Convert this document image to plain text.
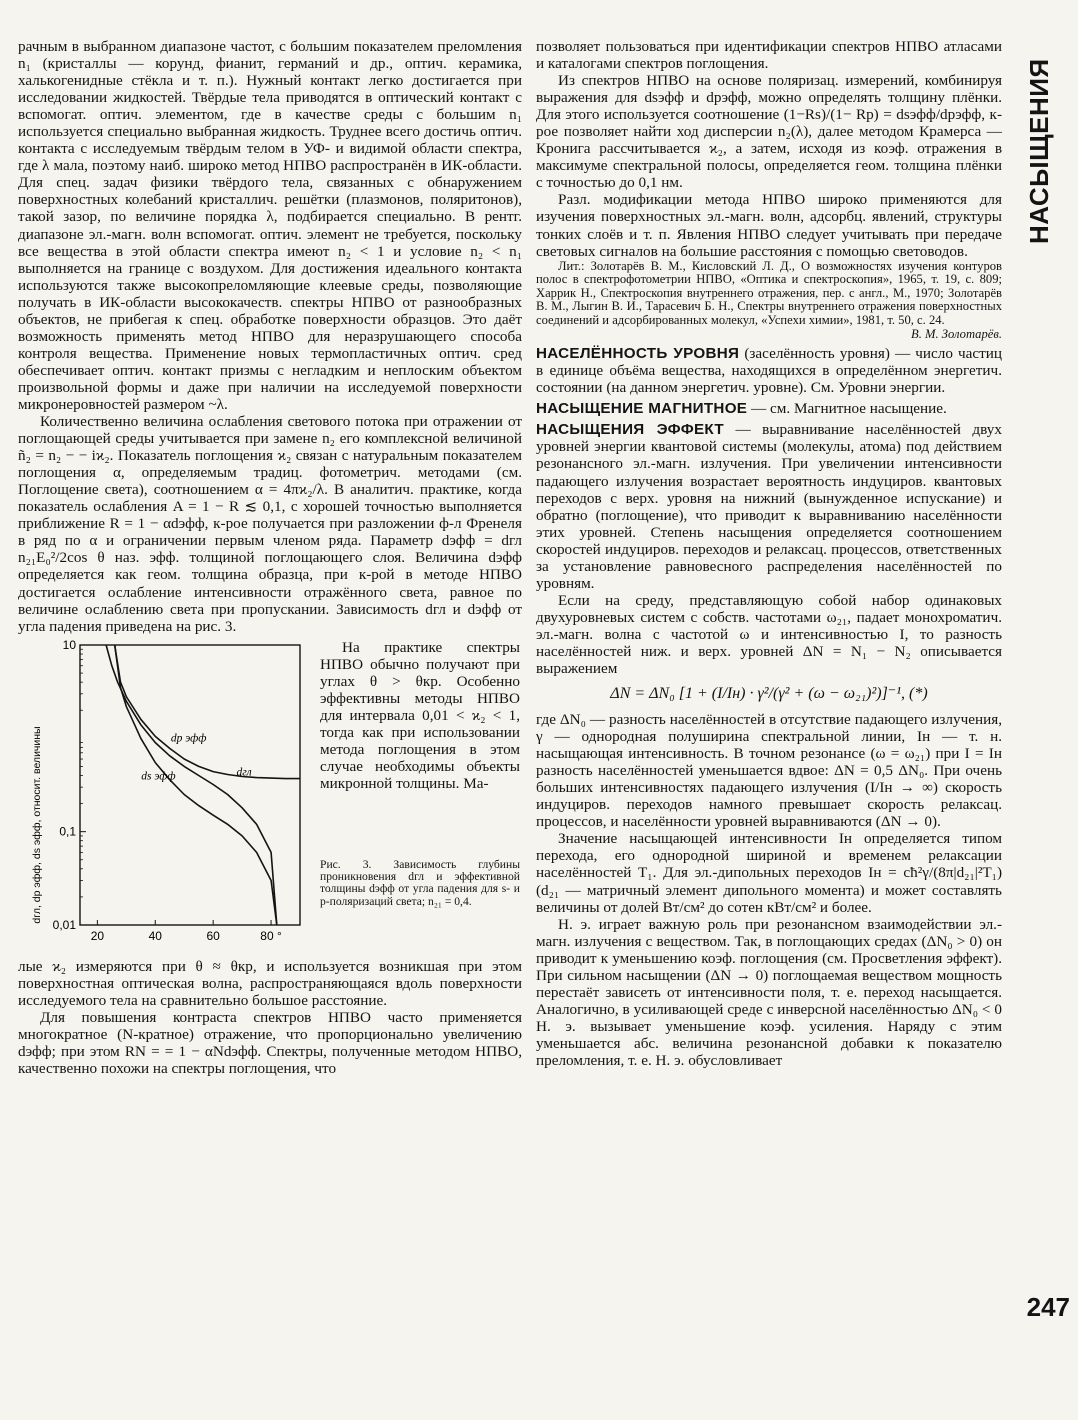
НАСЫЩЕНИЯ
247

рачным в выбранном диапазоне частот, с большим показателем преломления n₁ (кристаллы — корунд, фианит, германий и др., оптич. керамика, халькогенидные стёкла и т. п.). Нужный контакт легко достигается при исследовании жидкостей. Твёрдые тела приводятся в оптический контакт с вспомогат. оптич. элементом, где в качестве среды с большим n₁ используется специально выбранная жидкость. Труднее всего достичь оптич. контакта с исследуемым твёрдым телом в УФ- и видимой области спектра, где λ мала, поэтому наиб. широко метод НПВО распространён в ИК-области. Для спец. задач физики твёрдого тела, связанных с обнаружением поверхностных колебаний кристаллич. решётки (плазмонов, поляритонов), такой зазор, по величине порядка λ, подбирается специально. В рентг. диапазоне эл.-магн. волн вспомогат. оптич. элемент не требуется, поскольку все вещества в этой области спектра имеют n₂ < 1 и условие n₂ < n₁ выполняется на границе с воздухом. Для достижения идеального контакта используются также высокопреломляющие клеевые среды, позволяющие получать в ИК-области высококачеств. спектры НПВО от разнообразных объектов, не прибегая к спец. обработке поверхности образцов. Это даёт возможность применять метод НПВО для неразрушающего способа контроля вещества. Применение новых термопластичных оптич. сред обеспечивает оптич. контакт призмы с негладким и неплоским объектом произвольной формы и даже при наличии на исследуемой поверхности микронеровностей размером ~λ.

Количественно величина ослабления светового потока при отражении от поглощающей среды учитывается при замене n₂ его комплексной величиной ñ₂ = n₂ − − iϰ₂. Показатель поглощения ϰ₂ связан с натуральным показателем поглощения α, определяемым традиц. фотометрич. методами (см. Поглощение света), соотношением α = 4πϰ₂/λ. В аналитич. практике, когда показатель ослабления A = 1 − R ≲ 0,1, с хорошей точностью выполняется приближение R = 1 − αdэфф, к-рое получается при разложении ф-л Френеля в ряд по α и ограничении первым членом ряда. Параметр dэфф = dгл n₂₁E₀²/2cos θ наз. эфф. толщиной поглощающего слоя. Величина dэфф определяется как геом. толщина образца, при к-рой в методе НПВО достигается ослабление интенсивности отражённого света, равное по величине ослаблению света при пропускании. Зависимость dгл и dэфф от угла падения приведена на рис. 3.

20	40	60	80 °
0,01
0,1
10
dгл, dр эфф, ds эфф, относит. величины	dгл
dр эфф
ds эфф

На практике спектры НПВО обычно получают при углах θ > θкр. Особенно эффективны методы НПВО для интервала 0,01 < ϰ₂ < 1, тогда как при использовании метода поглощения в этом случае необходимы объекты микронной толщины. Ма-

Рис. 3. Зависимость глубины проникновения dгл и эффективной толщины dэфф от угла падения для s- и p-поляризаций света; n₂₁ = 0,4.

лые ϰ₂ измеряются при θ ≈ θкр, и используется возникшая при этом поверхностная оптическая волна, распространяющаяся вдоль поверхности исследуемого тела на сравнительно большое расстояние.

Для повышения контраста спектров НПВО часто применяется многократное (N-кратное) отражение, что пропорционально увеличению dэфф; при этом RN = = 1 − αNdэфф. Спектры, полученные методом НПВО, качественно похожи на спектры поглощения, что

позволяет пользоваться при идентификации спектров НПВО атласами и каталогами спектров поглощения.

Из спектров НПВО на основе поляризац. измерений, комбинируя выражения для dsэфф и dpэфф, можно определять толщину плёнки. Для этого используется соотношение (1−Rs)/(1− Rp) = dsэфф/dpэфф, к-рое позволяет найти ход дисперсии n₂(λ), далее методом Крамерса — Кронига рассчитывается ϰ₂, а затем, исходя из коэф. отражения в максимуме спектральной полосы, определяется геом. толщина плёнки с точностью до 0,1 нм.

Разл. модификации метода НПВО широко применяются для изучения поверхностных эл.-магн. волн, адсорбц. явлений, структуры тонких слоёв и т. п. Явления НПВО следует учитывать при передаче световых сигналов на большие расстояния с помощью световодов.

Лит.: Золотарёв В. М., Кисловский Л. Д., О возможностях изучения контуров полос в спектрофотометрии НПВО, «Оптика и спектроскопия», 1965, т. 19, с. 809; Харрик Н., Спектроскопия внутреннего отражения, пер. с англ., М., 1970; Золотарёв В. М., Лыгин В. И., Тарасевич Б. Н., Спектры внутреннего отражения поверхностных соединений и адсорбированных молекул, «Успехи химии», 1981, т. 50, с. 24.

В. М. Золотарёв.

НАСЕЛЁННОСТЬ УРОВНЯ (заселённость уровня) — число частиц в единице объёма вещества, находящихся в определённом энергетич. состоянии (на данном энергетич. уровне). См. Уровни энергии.

НАСЫЩЕНИЕ МАГНИТНОЕ — см. Магнитное насыщение.

НАСЫЩЕНИЯ ЭФФЕКТ — выравнивание населённостей двух уровней энергии квантовой системы (молекулы, атома) под действием резонансного эл.-магн. излучения. При увеличении интенсивности падающего излучения возрастает вероятность индуциров. квантовых переходов с верх. уровня на нижний (вынужденное испускание) и обратно (поглощение), что приводит к выравниванию населённости этих уровней. Степень насыщения определяется соотношением скоростей индуциров. переходов и релаксац. процессов, ответственных за установление равновесного распределения населённостей по уровням.

Если на среду, представляющую собой набор одинаковых двухуровневых систем с собств. частотами ω₂₁, падает монохроматич. эл.-магн. волна с частотой ω и интенсивностью I, то разность населённостей ниж. и верх. уровней ΔN = N₁ − N₂ описывается выражением

ΔN = ΔN₀ [1 + (I/Iн) · γ²/(γ² + (ω − ω₂₁)²)]⁻¹, (*)

где ΔN₀ — разность населённостей в отсутствие падающего излучения, γ — однородная полуширина спектральной линии, Iн — т. н. насыщающая интенсивность. В точном резонансе (ω = ω₂₁) при I = Iн разность населённостей уменьшается вдвое: ΔN = 0,5 ΔN₀. При очень больших интенсивностях падающего излучения (I/Iн → ∞) скорость индуциров. переходов намного превышает скорость релаксац. процессов, и населённости уровней выравниваются (ΔN → 0).

Значение насыщающей интенсивности Iн определяется типом перехода, его однородной шириной и временем релаксации населённостей T₁. Для эл.-дипольных переходов Iн = cħ²γ/(8π|d₂₁|²T₁) (d₂₁ — матричный элемент дипольного момента) и может составлять величины от долей Вт/см² до сотен кВт/см² и более.

Н. э. играет важную роль при резонансном взаимодействии эл.-магн. излучения с веществом. Так, в поглощающих средах (ΔN₀ > 0) он приводит к уменьшению коэф. поглощения (см. Просветления эффект). При сильном насыщении (ΔN → 0) поглощаемая веществом мощность перестаёт зависеть от интенсивности поля, т. е. переход насыщается. Аналогично, в усиливающей среде с инверсной населённостью ΔN₀ < 0 Н. э. вызывает уменьшение коэф. усиления. Наряду с этим уменьшается абс. величина резонансной добавки к показателю преломления, т. е. Н. э. обусловливает
